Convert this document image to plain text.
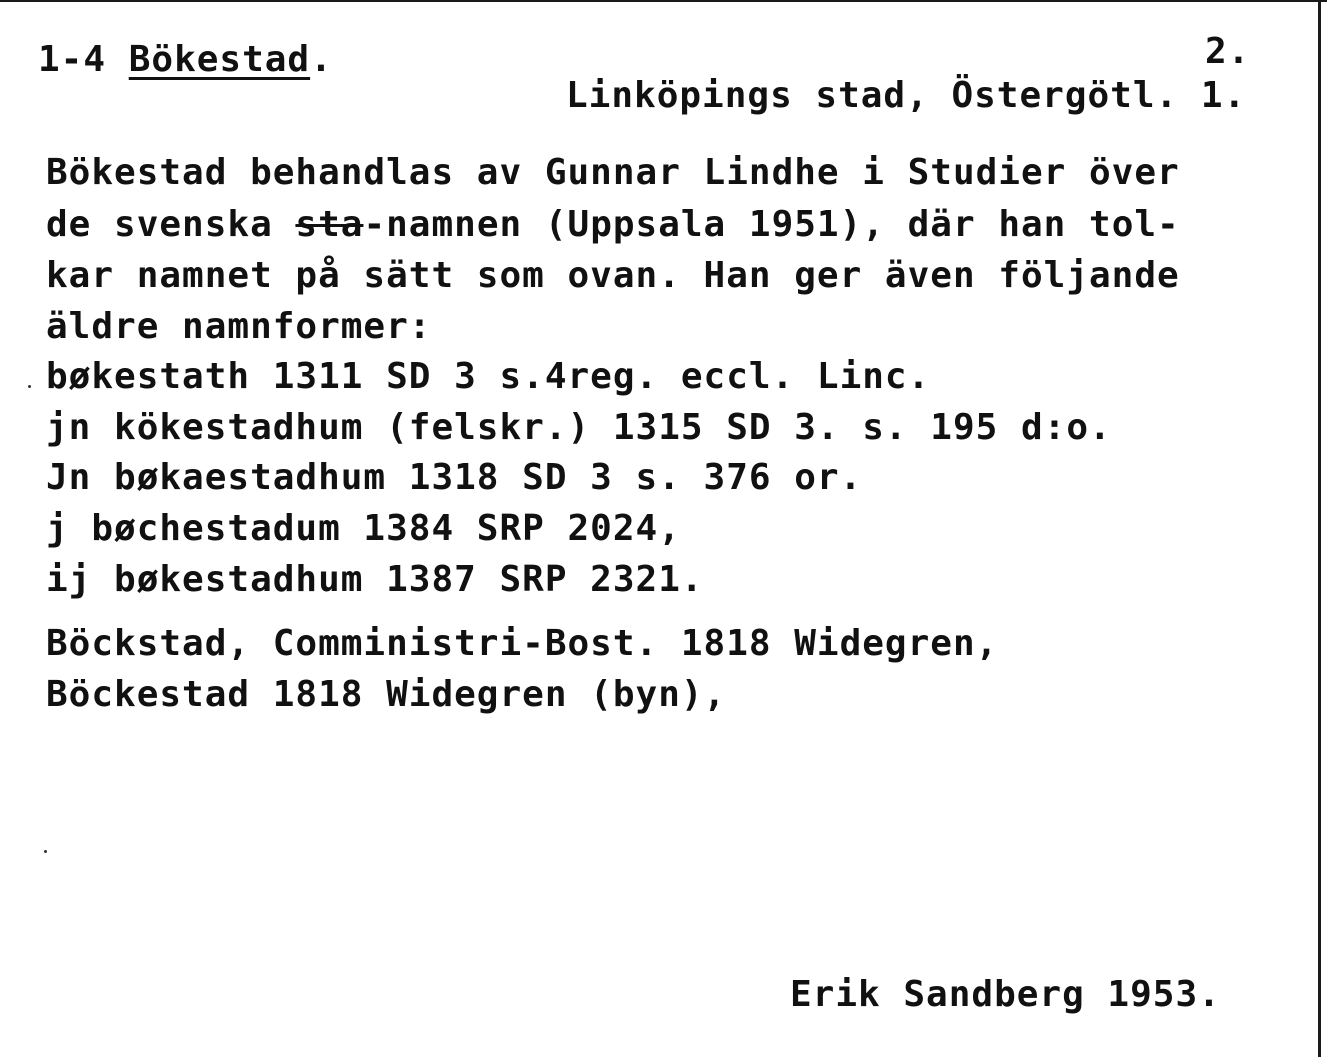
1-4 Bökestad.	2.
Linköpings stad, Östergötl. 1.
Bökestad behandlas av Gunnar Lindhe i Studier över
de svenska sta-namnen (Uppsala 1951), där han tol-
kar namnet på sätt som ovan. Han ger även följande
äldre namnformer:
bøkestath 1311 SD 3 s.4reg. eccl. Linc.
jn kökestadhum (felskr.) 1315 SD 3. s. 195 d:o.
Jn bøkaestadhum 1318 SD 3 s. 376 or.
j bøchestadum 1384 SRP 2024,
ij bøkestadhum 1387 SRP 2321.
Böckstad, Comministri-Bost. 1818 Widegren,
Böckestad 1818 Widegren (byn),
Erik Sandberg 1953.
